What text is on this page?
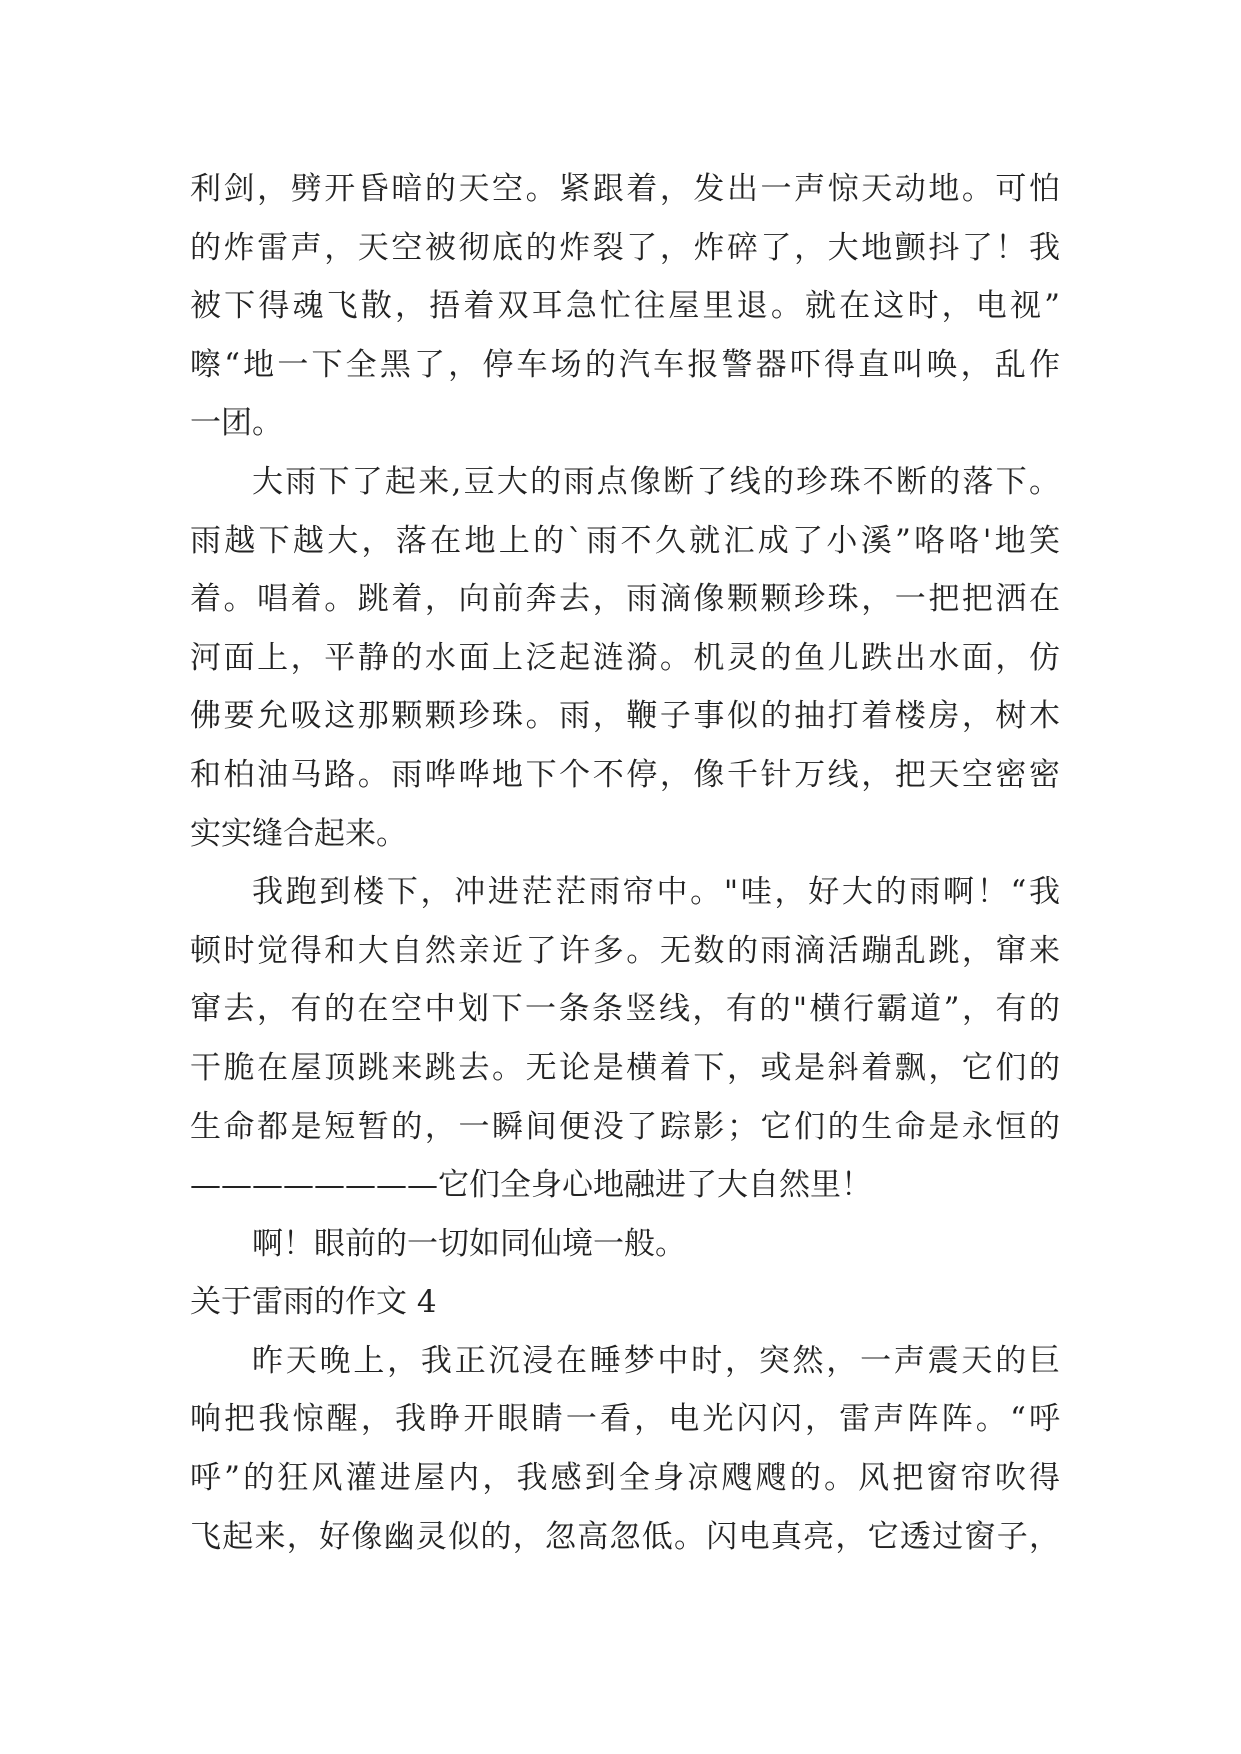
利剑，劈开昏暗的天空。紧跟着，发出一声惊天动地。可怕
的炸雷声，天空被彻底的炸裂了，炸碎了，大地颤抖了！我
被下得魂飞散，捂着双耳急忙往屋里退。就在这时，电视”
嚓“地一下全黑了，停车场的汽车报警器吓得直叫唤，乱作
一团。
大雨下了起来,豆大的雨点像断了线的珍珠不断的落下。
雨越下越大，落在地上的`雨不久就汇成了小溪”咯咯'地笑
着。唱着。跳着，向前奔去，雨滴像颗颗珍珠，一把把洒在
河面上，平静的水面上泛起涟漪。机灵的鱼儿跌出水面，仿
佛要允吸这那颗颗珍珠。雨，鞭子事似的抽打着楼房，树木
和柏油马路。雨哗哗地下个不停，像千针万线，把天空密密
实实缝合起来。
我跑到楼下，冲进茫茫雨帘中。"哇，好大的雨啊！“我
顿时觉得和大自然亲近了许多。无数的雨滴活蹦乱跳，窜来
窜去，有的在空中划下一条条竖线，有的"横行霸道”，有的
干脆在屋顶跳来跳去。无论是横着下，或是斜着飘，它们的
生命都是短暂的，一瞬间便没了踪影；它们的生命是永恒的
————————它们全身心地融进了大自然里！
啊！眼前的一切如同仙境一般。
关于雷雨的作文 4
昨天晚上，我正沉浸在睡梦中时，突然，一声震天的巨
响把我惊醒，我睁开眼睛一看，电光闪闪，雷声阵阵。“呼
呼”的狂风灌进屋内，我感到全身凉飕飕的。风把窗帘吹得
飞起来，好像幽灵似的，忽高忽低。闪电真亮，它透过窗子，
